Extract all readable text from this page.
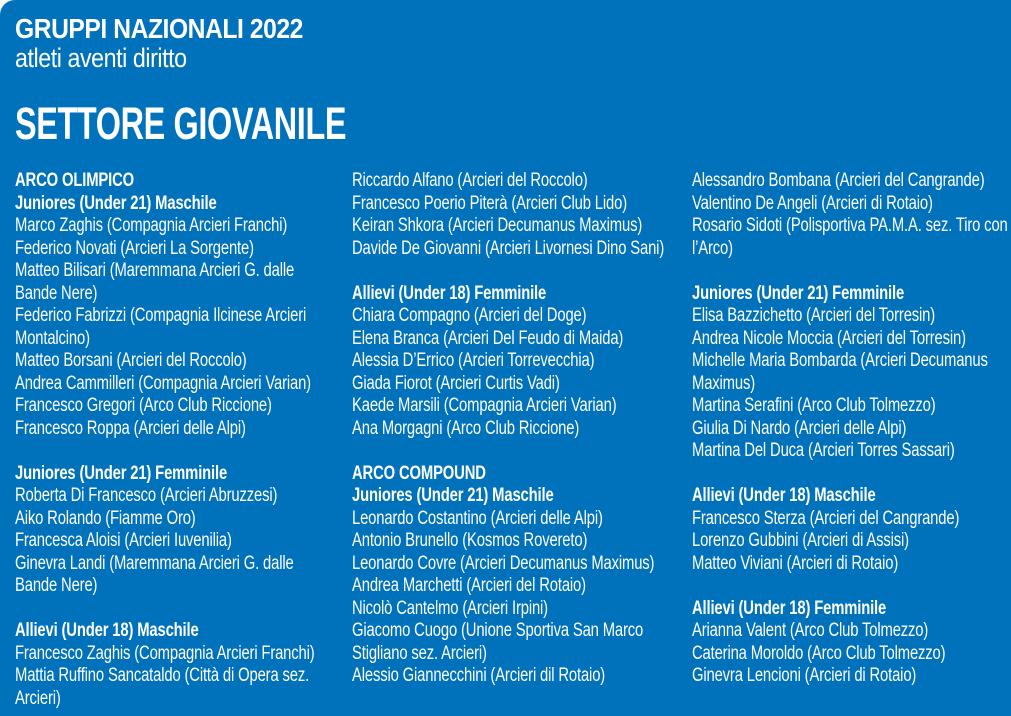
GRUPPI NAZIONALI 2022
atleti aventi diritto
SETTORE GIOVANILE

ARCO OLIMPICO

Juniores (Under 21) Maschile

Marco Zaghis (Compagnia Arcieri Franchi)

Federico Novati (Arcieri La Sorgente)

Matteo Bilisari (Maremmana Arcieri G. dalle Bande Nere)

Federico Fabrizzi (Compagnia Ilcinese Arcieri Montalcino)

Matteo Borsani (Arcieri del Roccolo)

Andrea Cammilleri (Compagnia Arcieri Varian)

Francesco Gregori (Arco Club Riccione)

Francesco Roppa (Arcieri delle Alpi)

Juniores (Under 21) Femminile

Roberta Di Francesco (Arcieri Abruzzesi)

Aiko Rolando (Fiamme Oro)

Francesca Aloisi (Arcieri Iuvenilia)

Ginevra Landi (Maremmana Arcieri G. dalle Bande Nere)

Allievi (Under 18) Maschile

Francesco Zaghis (Compagnia Arcieri Franchi)

Mattia Ruffino Sancataldo (Città di Opera sez. Arcieri)

Riccardo Alfano (Arcieri del Roccolo)

Francesco Poerio Piterà (Arcieri Club Lido)

Keiran Shkora (Arcieri Decumanus Maximus)

Davide De Giovanni (Arcieri Livornesi Dino Sani)

Allievi (Under 18) Femminile

Chiara Compagno (Arcieri del Doge)

Elena Branca (Arcieri Del Feudo di Maida)

Alessia D’Errico (Arcieri Torrevecchia)

Giada Fiorot (Arcieri Curtis Vadi)

Kaede Marsili (Compagnia Arcieri Varian)

Ana Morgagni (Arco Club Riccione)

ARCO COMPOUND

Juniores (Under 21) Maschile

Leonardo Costantino (Arcieri delle Alpi)

Antonio Brunello (Kosmos Rovereto)

Leonardo Covre (Arcieri Decumanus Maximus)

Andrea Marchetti (Arcieri del Rotaio)

Nicolò Cantelmo (Arcieri Irpini)

Giacomo Cuogo (Unione Sportiva San Marco Stigliano sez. Arcieri)

Alessio Giannecchini (Arcieri dil Rotaio)

Alessandro Bombana (Arcieri del Cangrande)

Valentino De Angeli (Arcieri di Rotaio)

Rosario Sidoti (Polisportiva PA.M.A. sez. Tiro con l’Arco)

Juniores (Under 21) Femminile

Elisa Bazzichetto (Arcieri del Torresin)

Andrea Nicole Moccia (Arcieri del Torresin)

Michelle Maria Bombarda (Arcieri Decumanus Maximus)

Martina Serafini (Arco Club Tolmezzo)

Giulia Di Nardo (Arcieri delle Alpi)

Martina Del Duca (Arcieri Torres Sassari)

Allievi (Under 18) Maschile

Francesco Sterza (Arcieri del Cangrande)

Lorenzo Gubbini (Arcieri di Assisi)

Matteo Viviani (Arcieri di Rotaio)

Allievi (Under 18) Femminile

Arianna Valent (Arco Club Tolmezzo)

Caterina Moroldo (Arco Club Tolmezzo)

Ginevra Lencioni (Arcieri di Rotaio)
